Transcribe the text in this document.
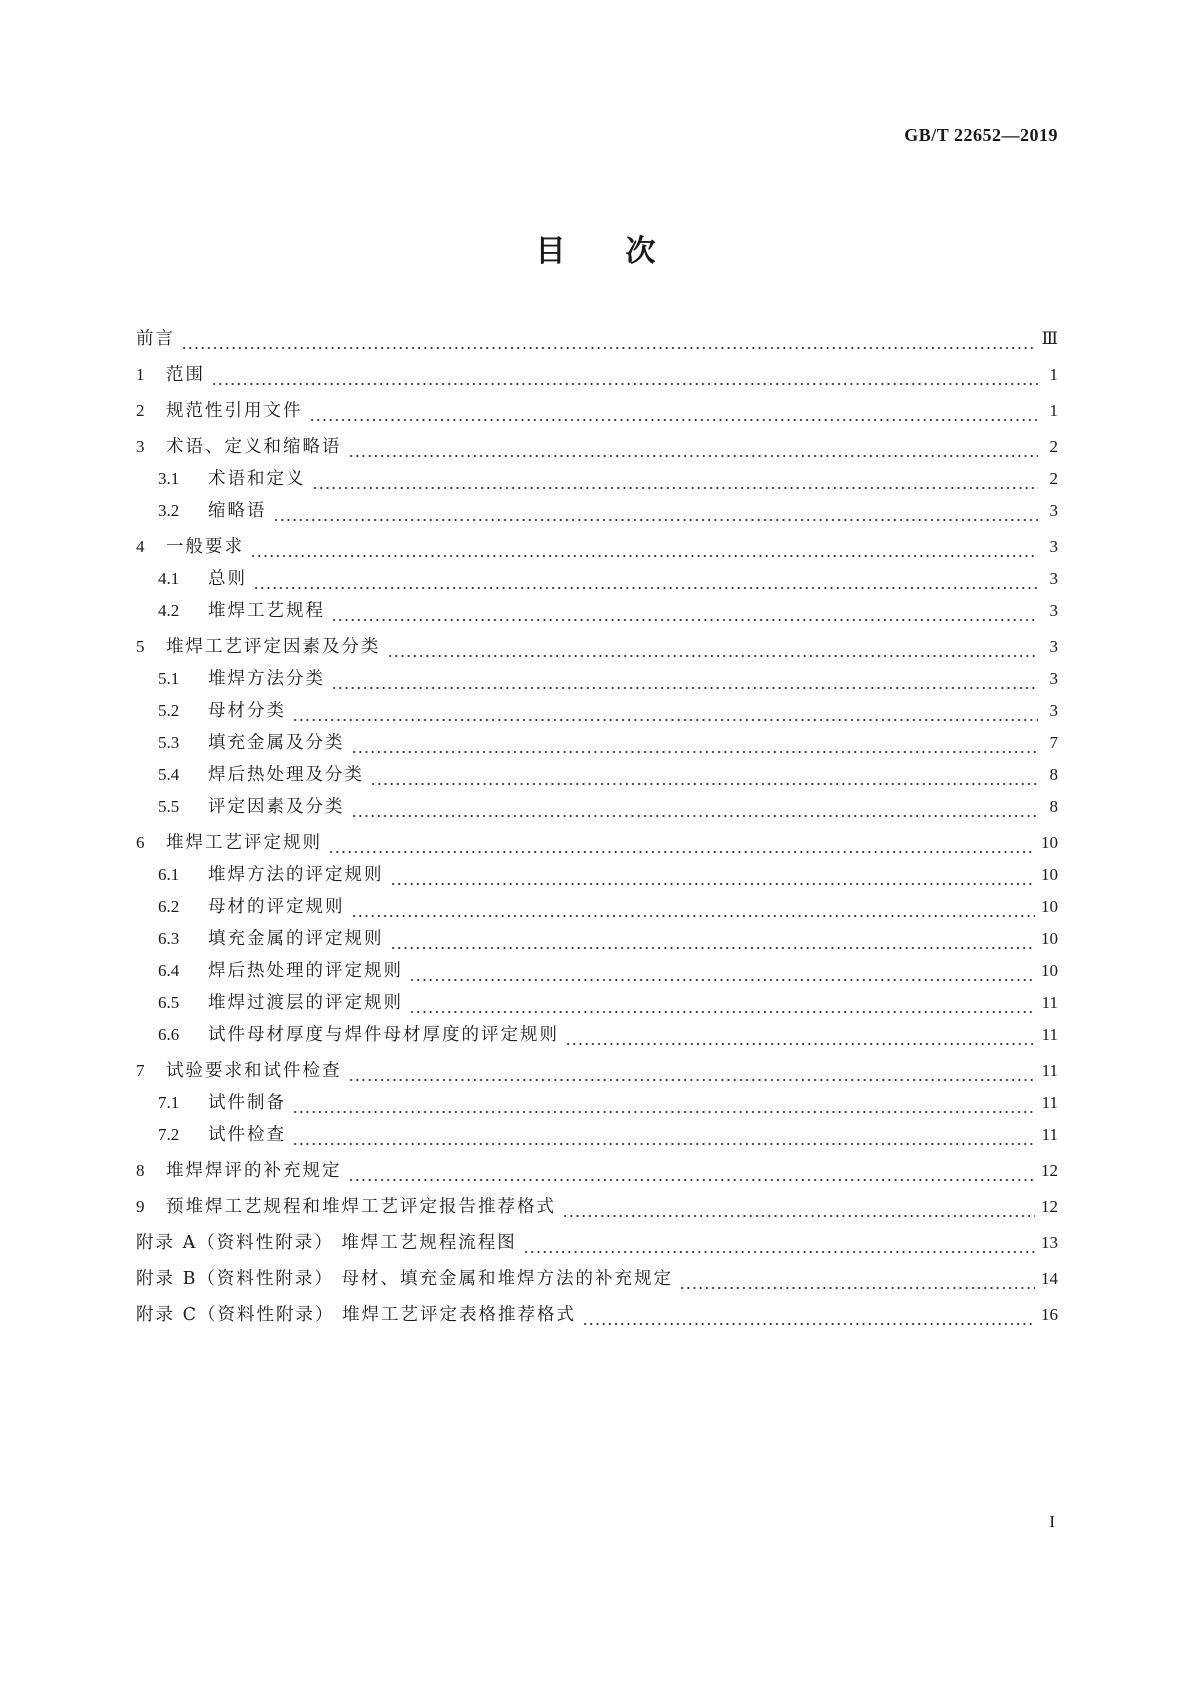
GB/T 22652—2019
目次
前言	Ⅲ
1	范围	1
2	规范性引用文件	1
3	术语、定义和缩略语	2
3.1	术语和定义	2
3.2	缩略语	3
4	一般要求	3
4.1	总则	3
4.2	堆焊工艺规程	3
5	堆焊工艺评定因素及分类	3
5.1	堆焊方法分类	3
5.2	母材分类	3
5.3	填充金属及分类	7
5.4	焊后热处理及分类	8
5.5	评定因素及分类	8
6	堆焊工艺评定规则	10
6.1	堆焊方法的评定规则	10
6.2	母材的评定规则	10
6.3	填充金属的评定规则	10
6.4	焊后热处理的评定规则	10
6.5	堆焊过渡层的评定规则	11
6.6	试件母材厚度与焊件母材厚度的评定规则	11
7	试验要求和试件检查	11
7.1	试件制备	11
7.2	试件检查	11
8	堆焊焊评的补充规定	12
9	预堆焊工艺规程和堆焊工艺评定报告推荐格式	12
附录 A（资料性附录） 堆焊工艺规程流程图	13
附录 B（资料性附录） 母材、填充金属和堆焊方法的补充规定	14
附录 C（资料性附录） 堆焊工艺评定表格推荐格式	16
I
